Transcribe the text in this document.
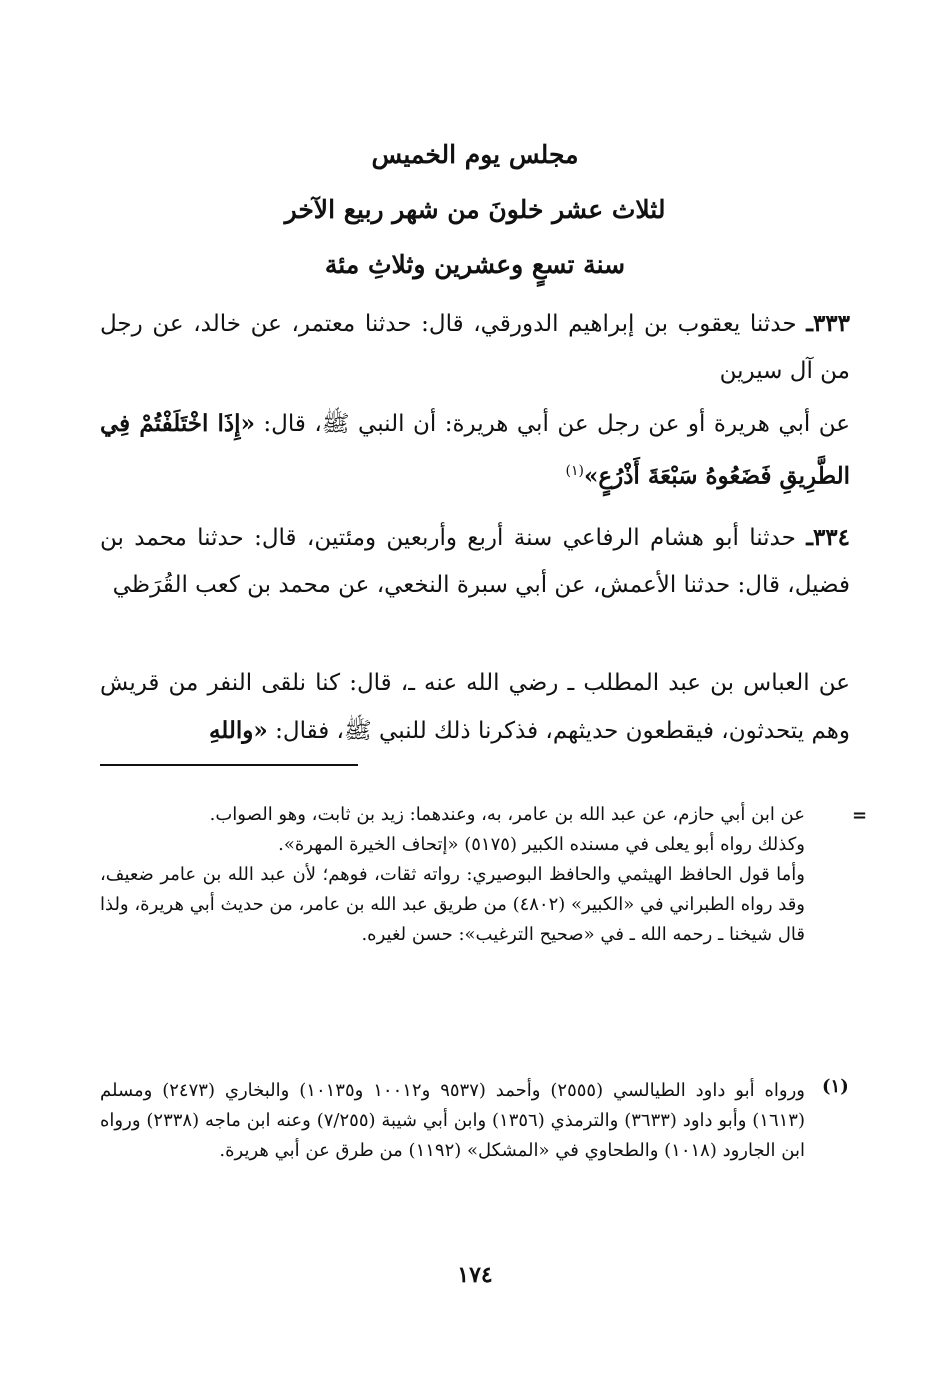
مجلس يوم الخميس
لثلاث عشر خلونَ من شهر ربيع الآخر
سنة تسعٍ وعشرين وثلاثِ مئة
٣٣٣ـ حدثنا يعقوب بن إبراهيم الدورقي، قال: حدثنا معتمر، عن خالد، عن رجل من آل سيرين
عن أبي هريرة أو عن رجل عن أبي هريرة: أن النبي ﷺ، قال: «إِذَا اخْتَلَفْتُمْ فِي الطَّرِيقِ فَضَعُوهُ سَبْعَةَ أَذْرُعٍ»$^{(١)}$
٣٣٤ـ حدثنا أبو هشام الرفاعي سنة أربع وأربعين ومئتين، قال: حدثنا محمد بن فضيل، قال: حدثنا الأعمش، عن أبي سبرة النخعي، عن محمد بن كعب القُرَظي
عن العباس بن عبد المطلب ـ رضي الله عنه ـ، قال: كنا نلقى النفر من قريش وهم يتحدثون، فيقطعون حديثهم، فذكرنا ذلك للنبي ﷺ، فقال: «واللهِ
=
عن ابن أبي حازم، عن عبد الله بن عامر، به، وعندهما: زيد بن ثابت، وهو الصواب.
وكذلك رواه أبو يعلى في مسنده الكبير (٥١٧٥) «إتحاف الخيرة المهرة».
وأما قول الحافظ الهيثمي والحافظ البوصيري: رواته ثقات، فوهم؛ لأن عبد الله بن عامر ضعيف، وقد رواه الطبراني في «الكبير» (٤٨٠٢) من طريق عبد الله بن عامر، من حديث أبي هريرة، ولذا قال شيخنا ـ رحمه الله ـ في «صحيح الترغيب»: حسن لغيره.
(١)
ورواه أبو داود الطيالسي (٢٥٥٥) وأحمد (٩٥٣٧ و١٠٠١٢ و١٠١٣٥) والبخاري (٢٤٧٣) ومسلم (١٦١٣) وأبو داود (٣٦٣٣) والترمذي (١٣٥٦) وابن أبي شيبة (٧/٢٥٥) وعنه ابن ماجه (٢٣٣٨) ورواه ابن الجارود (١٠١٨) والطحاوي في «المشكل» (١١٩٢) من طرق عن أبي هريرة.
١٧٤
